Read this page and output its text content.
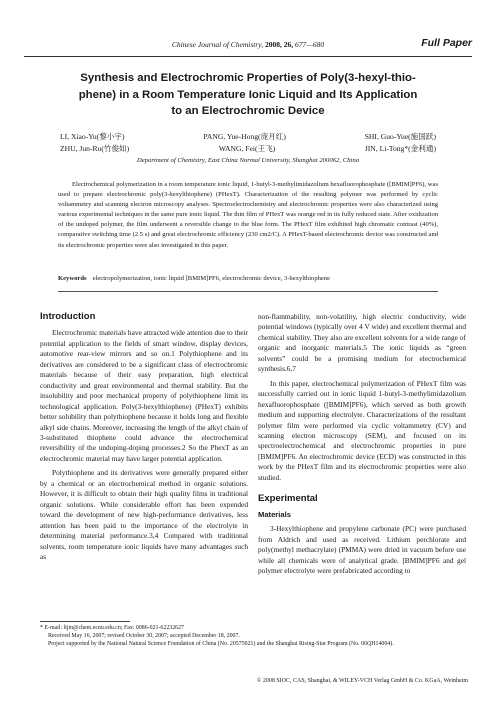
Chinese Journal of Chemistry, 2008, 26, 677—680	Full Paper
Synthesis and Electrochromic Properties of Poly(3-hexyl-thio-
phene) in a Room Temperature Ionic Liquid and Its Application
to an Electrochromic Device
LI, Xiao-Yu(黎小宇)	PANG, Yue-Hong(庞月红)	SHI, Guo-Yue(施国跃)
ZHU, Jun-Ru(竹俊如)	WANG, Fei(王飞)	JIN, Li-Tong*(金利通)
Department of Chemistry, East China Normal University, Shanghai 200062, China
Electrochemical polymerization in a room temperature ionic liquid, 1-butyl-3-methylimidazolium hexafluorophosphate ([BMIM]PF6), was used to prepare electrochromic poly(3-hexylthiophene) (PHexT). Characterization of the resulting polymer was performed by cyclic voltammetry and scanning electron microscopy analyses. Spectroelectrochemistry and electrochromic properties were also characterized using various experimental techniques in the same pure ionic liquid. The thin film of PHexT was orange red in its fully reduced state. After oxidization of the undoped polymer, the film underwent a reversible change to the blue form. The PHexT film exhibited high chromatic contrast (40%), comparative switching time (2.5 s) and great electrochromic efficiency (230 cm2/C). A PHexT-based electrochromic device was constructed and its electrochromic properties were also investigated in this paper.
Keywords electropolymerization, ionic liquid [BMIM]PF6, electrochromic device, 3-hexylthiophene
Introduction

Electrochromic materials have attracted wide attention due to their potential application to the fields of smart window, display devices, automotive rear-view mirrors and so on.1 Polythiophene and its derivatives are considered to be a significant class of electrochromic materials because of their easy preparation, high electrical conductivity and great environmental and thermal stability. But the insolubility and poor mechanical property of polythiophene limit its technological application. Poly(3-hexylthiophene) (PHexT) exhibits better solubility than polythiophene because it holds long and flexible alkyl side chains. Moreover, increasing the length of the alkyl chain of 3-substituted thiophene could advance the electrochemical reversibility of the undoping-doping processes.2 So the PhexT as an electrochromic material may have larger potential application.

Polythiophene and its derivatives were generally prepared either by a chemical or an electrochemical method in organic solutions. However, it is difficult to obtain their high quality films in traditional organic solutions. While considerable effort has been expended toward the development of new high-performance derivatives, less attention has been paid to the importance of the electrolyte in determining material performance.3,4 Compared with traditional solvents, room temperature ionic liquids have many advantages such as

non-flammability, non-volatility, high electric conductivity, wide potential windows (typically over 4 V wide) and excellent thermal and chemical stability. They also are excellent solvents for a wide range of organic and inorganic materials.5 The ionic liquids as “green solvents” could be a promising medium for electrochemical synthesis.6,7

In this paper, electrochemical polymerization of PHexT film was successfully carried out in ionic liquid 1-butyl-3-methylimidazolium hexafluorophosphate ([BMIM]PF6), which served as both growth medium and supporting electrolyte. Characterizations of the resultant polymer film were performed via cyclic voltammetry (CV) and scanning electron microscopy (SEM), and focused on its spectroelectrochemical and electrochromic properties in pure [BMIM]PF6. An electrochromic device (ECD) was constructed in this work by the PHexT film and its electrochromic properties were also studied.

Experimental
Materials

3-Hexylthiophene and propylene carbonate (PC) were purchased from Aldrich and used as received. Lithium perchlorate and poly(methyl methacrylate) (PMMA) were dried in vacuum before use while all chemicals were of analytical grade. [BMIM]PF6 and gel polymer electrolyte were prefabricated according to

* E-mail: ltjin@chem.ecnu.edu.cn; Fax: 0086-021-62232627
Received May 16, 2007; revised October 30, 2007; accepted December 18, 2007.
Project supported by the National Natural Science Foundation of China (No. 20575021) and the Shanghai Rising-Star Program (No. 06QH14004).
© 2008 SIOC, CAS, Shanghai, & WILEY-VCH Verlag GmbH & Co. KGaA, Weinheim
